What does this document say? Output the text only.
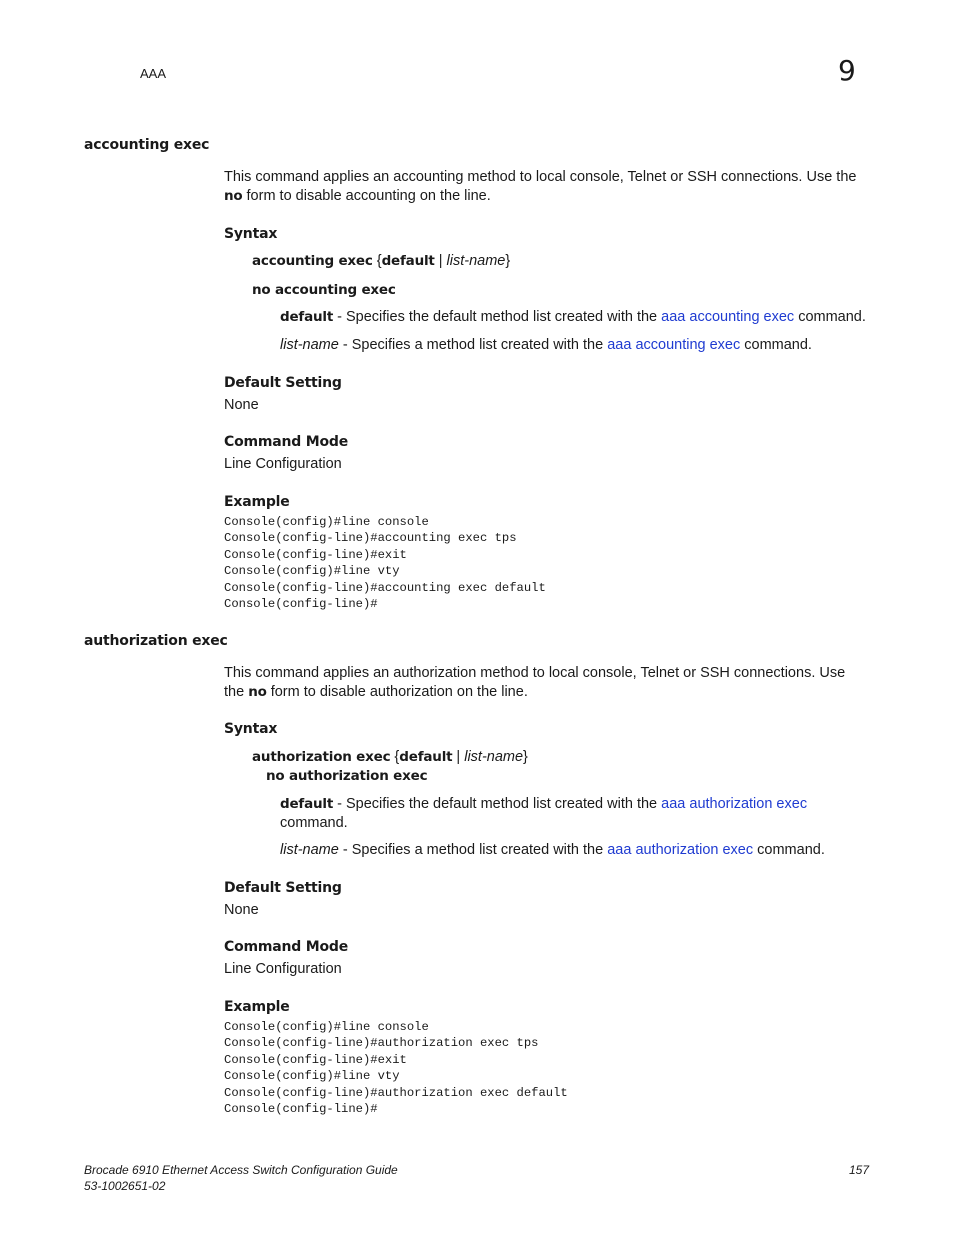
AAA	9
accounting exec
This command applies an accounting method to local console, Telnet or SSH connections. Use the
no form to disable accounting on the line.
Syntax
accounting exec {default | list-name}
no accounting exec
default - Specifies the default method list created with the aaa accounting exec command.
list-name - Specifies a method list created with the aaa accounting exec command.
Default Setting
None
Command Mode
Line Configuration
Example
Console(config)#line console
Console(config-line)#accounting exec tps
Console(config-line)#exit
Console(config)#line vty
Console(config-line)#accounting exec default
Console(config-line)#
authorization exec
This command applies an authorization method to local console, Telnet or SSH connections. Use
the no form to disable authorization on the line.
Syntax
authorization exec {default | list-name}
no authorization exec
default - Specifies the default method list created with the aaa authorization exec
command.
list-name - Specifies a method list created with the aaa authorization exec command.
Default Setting
None
Command Mode
Line Configuration
Example
Console(config)#line console
Console(config-line)#authorization exec tps
Console(config-line)#exit
Console(config)#line vty
Console(config-line)#authorization exec default
Console(config-line)#
Brocade 6910 Ethernet Access Switch Configuration Guide
53-1002651-02
157
